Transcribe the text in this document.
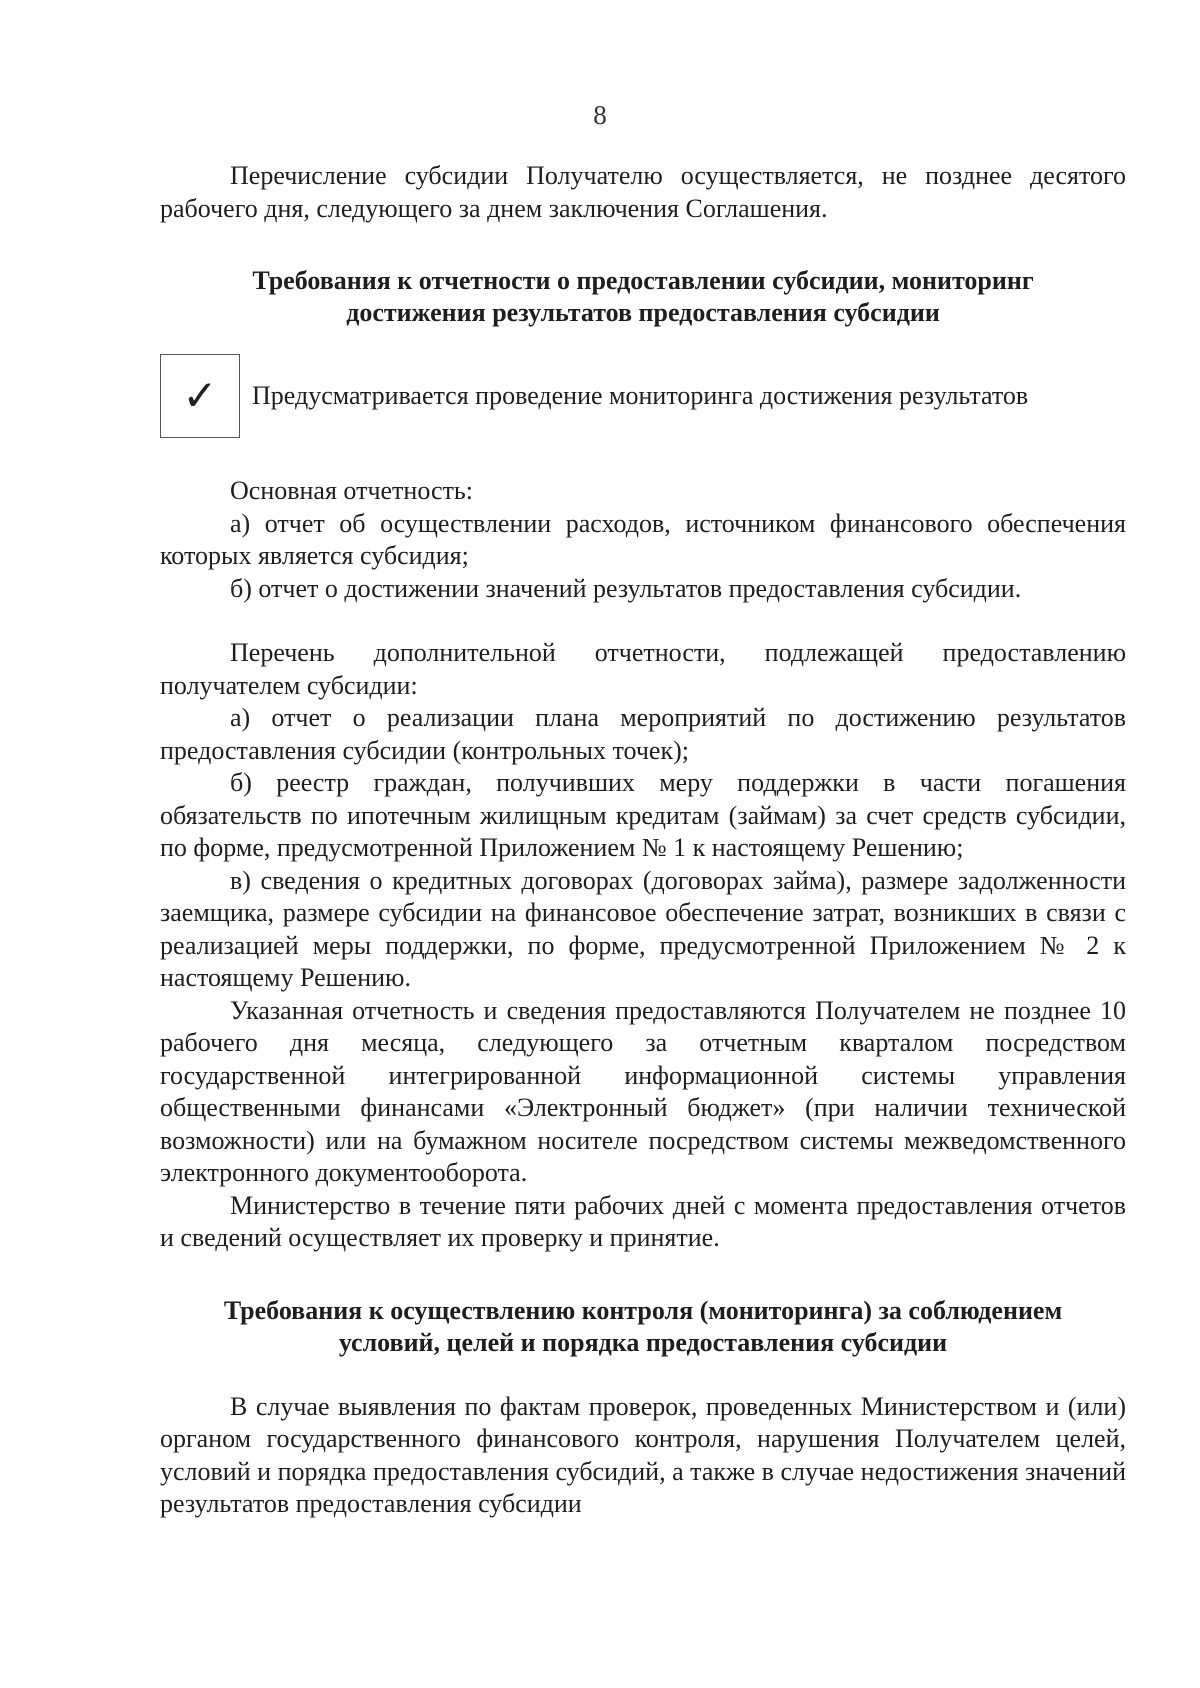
8

Перечисление субсидии Получателю осуществляется, не позднее десятого рабочего дня, следующего за днем заключения Соглашения.

Требования к отчетности о предоставлении субсидии, мониторинг достижения результатов предоставления субсидии
✓ Предусматривается проведение мониторинга достижения результатов

Основная отчетность:

а) отчет об осуществлении расходов, источником финансового обеспечения которых является субсидия;

б) отчет о достижении значений результатов предоставления субсидии.

Перечень дополнительной отчетности, подлежащей предоставлению получателем субсидии:

а) отчет о реализации плана мероприятий по достижению результатов предоставления субсидии (контрольных точек);

б) реестр граждан, получивших меру поддержки в части погашения обязательств по ипотечным жилищным кредитам (займам) за счет средств субсидии, по форме, предусмотренной Приложением № 1 к настоящему Решению;

в) сведения о кредитных договорах (договорах займа), размере задолженности заемщика, размере субсидии на финансовое обеспечение затрат, возникших в связи с реализацией меры поддержки, по форме, предусмотренной Приложением № 2 к настоящему Решению.

Указанная отчетность и сведения предоставляются Получателем не позднее 10 рабочего дня месяца, следующего за отчетным кварталом посредством государственной интегрированной информационной системы управления общественными финансами «Электронный бюджет» (при наличии технической возможности) или на бумажном носителе посредством системы межведомственного электронного документооборота.

Министерство в течение пяти рабочих дней с момента предоставления отчетов и сведений осуществляет их проверку и принятие.

Требования к осуществлению контроля (мониторинга) за соблюдением условий, целей и порядка предоставления субсидии

В случае выявления по фактам проверок, проведенных Министерством и (или) органом государственного финансового контроля, нарушения Получателем целей, условий и порядка предоставления субсидий, а также в случае недостижения значений результатов предоставления субсидии
